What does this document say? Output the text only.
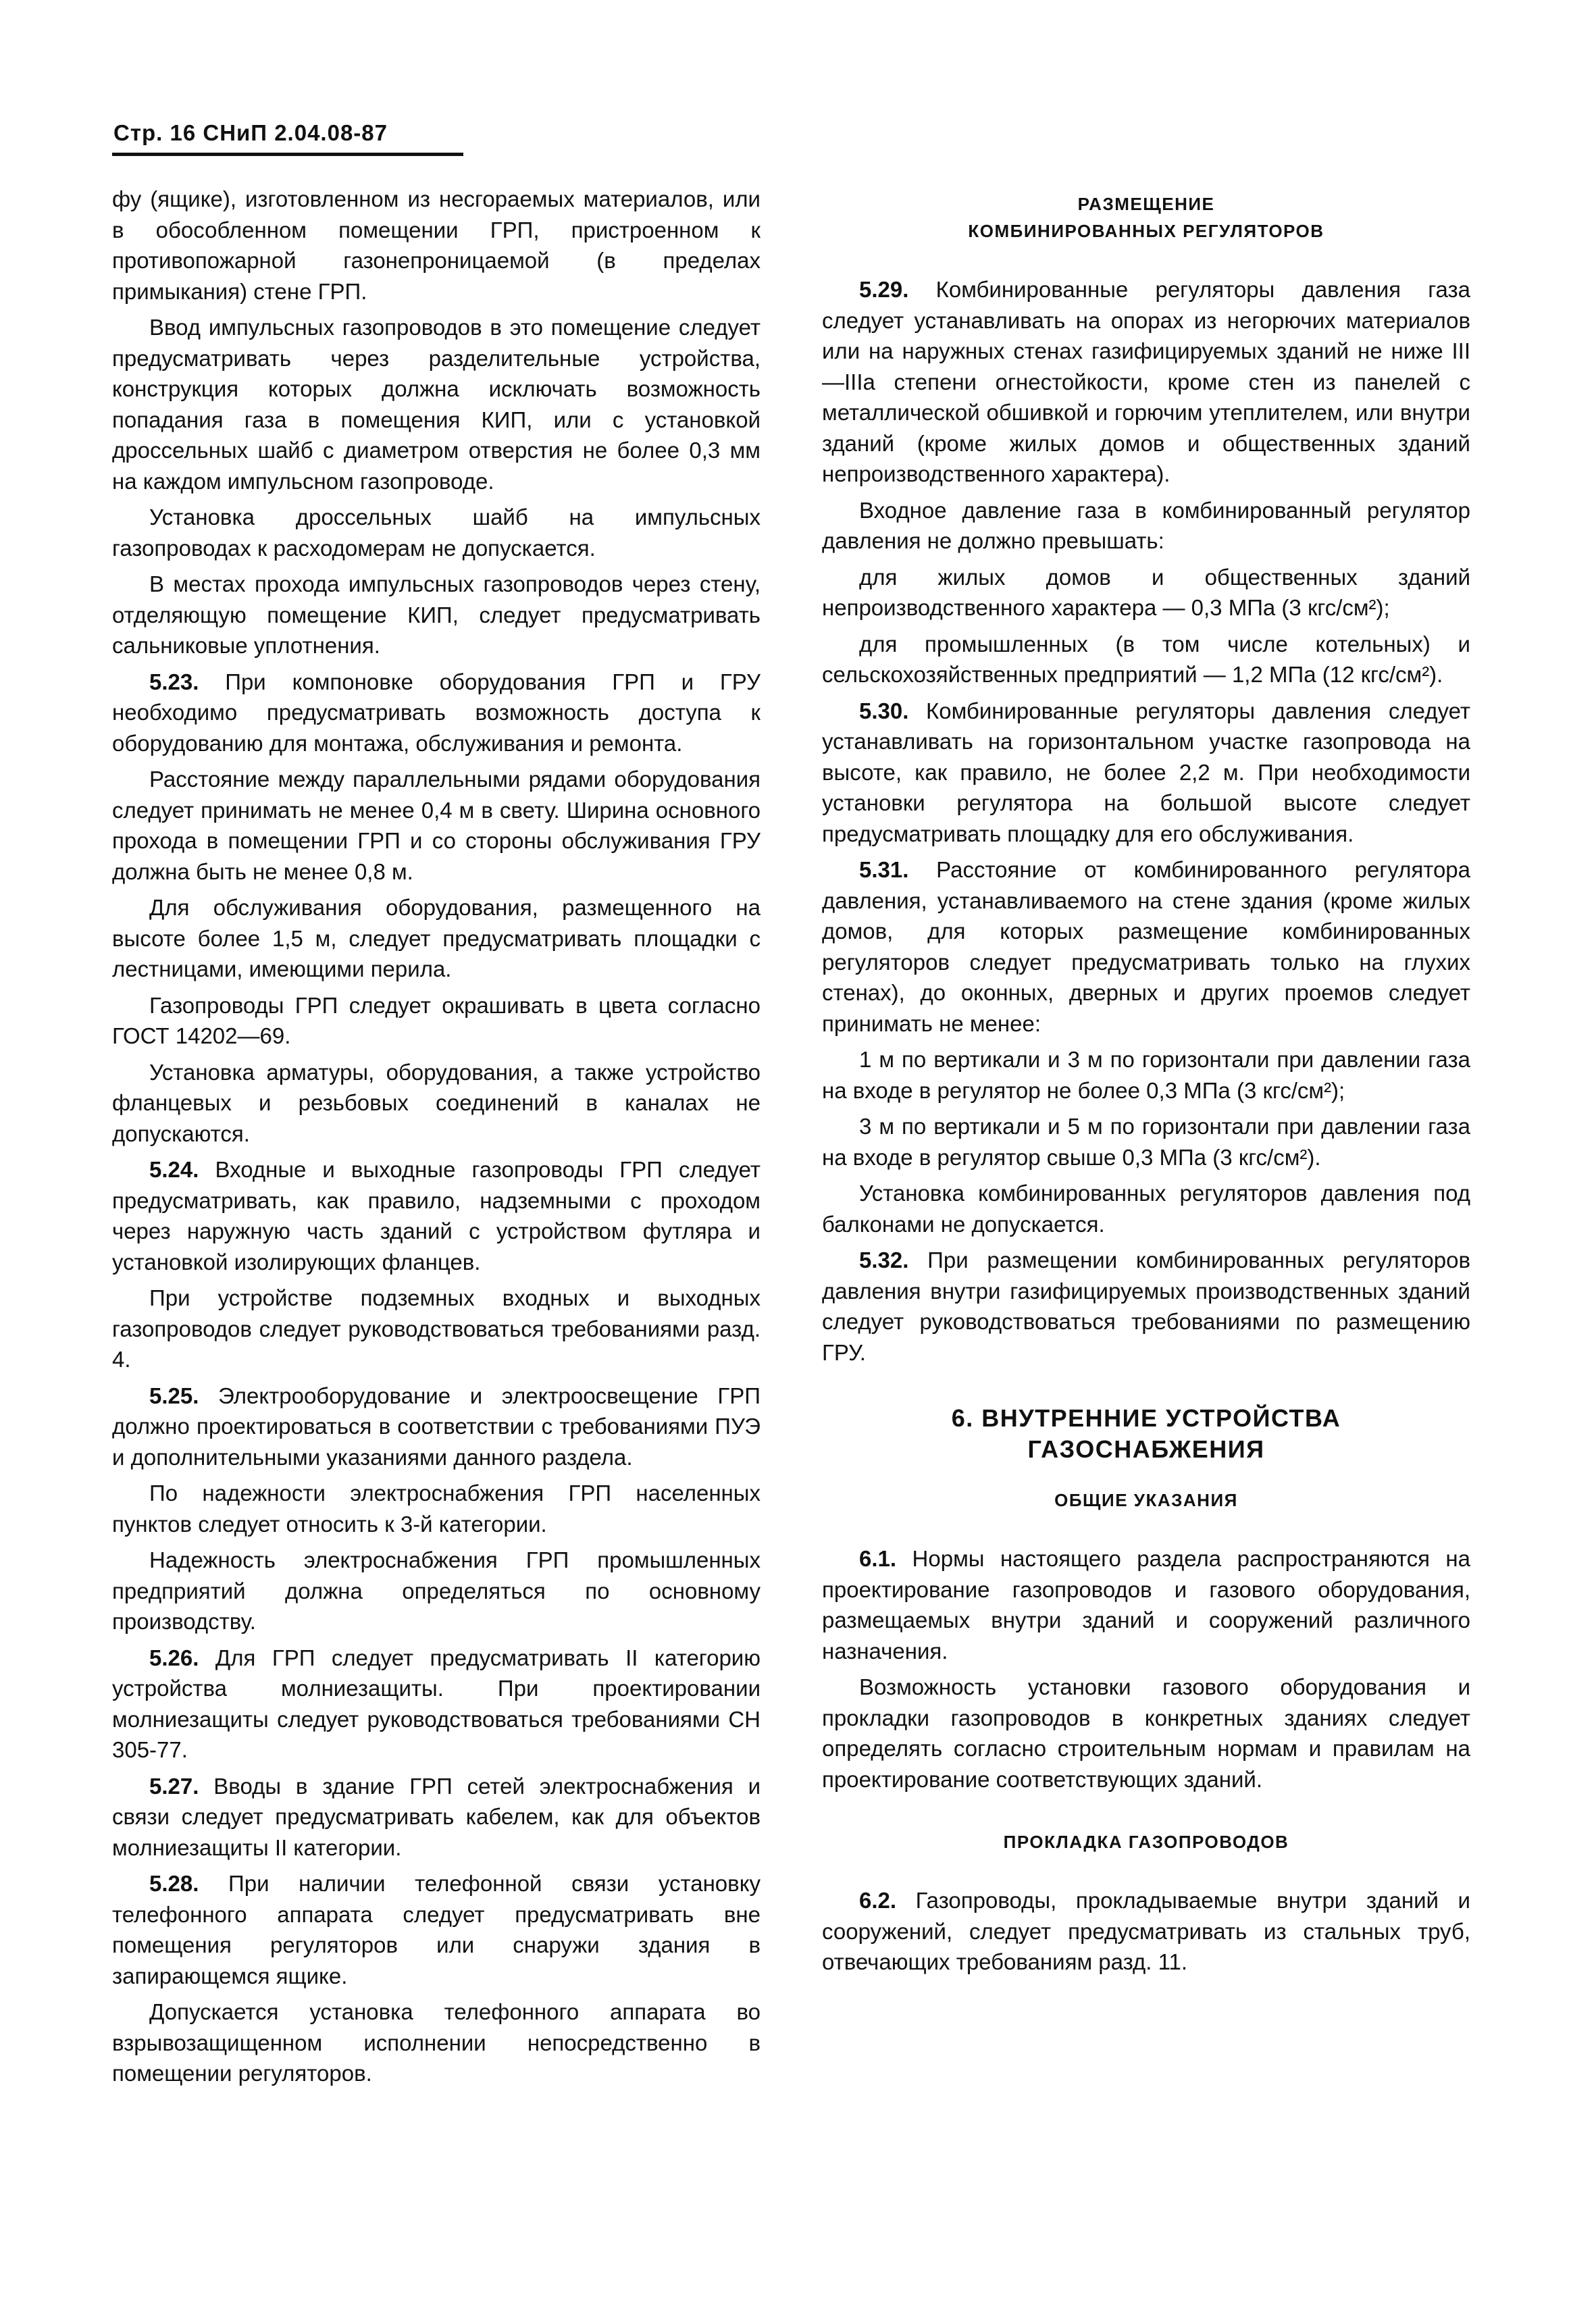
Стр. 16 СНиП 2.04.08-87

фу (ящике), изготовленном из несгораемых материалов, или в обособленном помещении ГРП, пристроенном к противопожарной газонепроницаемой (в пределах примыкания) стене ГРП.

Ввод импульсных газопроводов в это помещение следует предусматривать через разделительные устройства, конструкция которых должна исключать возможность попадания газа в помещения КИП, или с установкой дроссельных шайб с диаметром отверстия не более 0,3 мм на каждом импульсном газопроводе.

Установка дроссельных шайб на импульсных газопроводах к расходомерам не допускается.

В местах прохода импульсных газопроводов через стену, отделяющую помещение КИП, следует предусматривать сальниковые уплотнения.

5.23. При компоновке оборудования ГРП и ГРУ необходимо предусматривать возможность доступа к оборудованию для монтажа, обслуживания и ремонта.

Расстояние между параллельными рядами оборудования следует принимать не менее 0,4 м в свету. Ширина основного прохода в помещении ГРП и со стороны обслуживания ГРУ должна быть не менее 0,8 м.

Для обслуживания оборудования, размещенного на высоте более 1,5 м, следует предусматривать площадки с лестницами, имеющими перила.

Газопроводы ГРП следует окрашивать в цвета согласно ГОСТ 14202—69.

Установка арматуры, оборудования, а также устройство фланцевых и резьбовых соединений в каналах не допускаются.

5.24. Входные и выходные газопроводы ГРП следует предусматривать, как правило, надземными с проходом через наружную часть зданий с устройством футляра и установкой изолирующих фланцев.

При устройстве подземных входных и выходных газопроводов следует руководствоваться требованиями разд. 4.

5.25. Электрооборудование и электроосвещение ГРП должно проектироваться в соответствии с требованиями ПУЭ и дополнительными указаниями данного раздела.

По надежности электроснабжения ГРП населенных пунктов следует относить к 3-й категории.

Надежность электроснабжения ГРП промышленных предприятий должна определяться по основному производству.

5.26. Для ГРП следует предусматривать II категорию устройства молниезащиты. При проектировании молниезащиты следует руководствоваться требованиями СН 305-77.

5.27. Вводы в здание ГРП сетей электроснабжения и связи следует предусматривать кабелем, как для объектов молниезащиты II категории.

5.28. При наличии телефонной связи установку телефонного аппарата следует предусматривать вне помещения регуляторов или снаружи здания в запирающемся ящике.

Допускается установка телефонного аппарата во взрывозащищенном исполнении непосредственно в помещении регуляторов.

РАЗМЕЩЕНИЕ
КОМБИНИРОВАННЫХ РЕГУЛЯТОРОВ

5.29. Комбинированные регуляторы давления газа следует устанавливать на опорах из негорючих материалов или на наружных стенах газифицируемых зданий не ниже III—IIIа степени огнестойкости, кроме стен из панелей с металлической обшивкой и горючим утеплителем, или внутри зданий (кроме жилых домов и общественных зданий непроизводственного характера).

Входное давление газа в комбинированный регулятор давления не должно превышать:

для жилых домов и общественных зданий непроизводственного характера — 0,3 МПа (3 кгс/см²);

для промышленных (в том числе котельных) и сельскохозяйственных предприятий — 1,2 МПа (12 кгс/см²).

5.30. Комбинированные регуляторы давления следует устанавливать на горизонтальном участке газопровода на высоте, как правило, не более 2,2 м. При необходимости установки регулятора на большой высоте следует предусматривать площадку для его обслуживания.

5.31. Расстояние от комбинированного регулятора давления, устанавливаемого на стене здания (кроме жилых домов, для которых размещение комбинированных регуляторов следует предусматривать только на глухих стенах), до оконных, дверных и других проемов следует принимать не менее:

1 м по вертикали и 3 м по горизонтали при давлении газа на входе в регулятор не более 0,3 МПа (3 кгс/см²);

3 м по вертикали и 5 м по горизонтали при давлении газа на входе в регулятор свыше 0,3 МПа (3 кгс/см²).

Установка комбинированных регуляторов давления под балконами не допускается.

5.32. При размещении комбинированных регуляторов давления внутри газифицируемых производственных зданий следует руководствоваться требованиями по размещению ГРУ.

6. ВНУТРЕННИЕ УСТРОЙСТВА
ГАЗОСНАБЖЕНИЯ
ОБЩИЕ УКАЗАНИЯ

6.1. Нормы настоящего раздела распространяются на проектирование газопроводов и газового оборудования, размещаемых внутри зданий и сооружений различного назначения.

Возможность установки газового оборудования и прокладки газопроводов в конкретных зданиях следует определять согласно строительным нормам и правилам на проектирование соответствующих зданий.

ПРОКЛАДКА ГАЗОПРОВОДОВ

6.2. Газопроводы, прокладываемые внутри зданий и сооружений, следует предусматривать из стальных труб, отвечающих требованиям разд. 11.
